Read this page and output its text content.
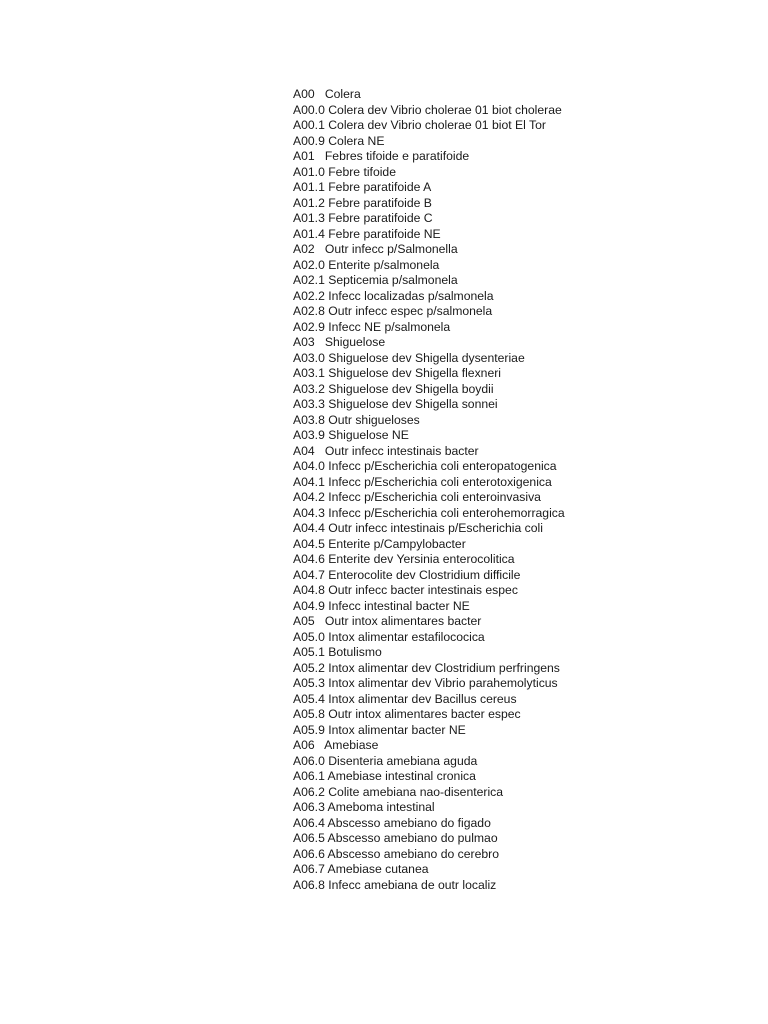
A00   Colera
A00.0 Colera dev Vibrio cholerae 01 biot cholerae
A00.1 Colera dev Vibrio cholerae 01 biot El Tor
A00.9 Colera NE
A01   Febres tifoide e paratifoide
A01.0 Febre tifoide
A01.1 Febre paratifoide A
A01.2 Febre paratifoide B
A01.3 Febre paratifoide C
A01.4 Febre paratifoide NE
A02   Outr infecc p/Salmonella
A02.0 Enterite p/salmonela
A02.1 Septicemia p/salmonela
A02.2 Infecc localizadas p/salmonela
A02.8 Outr infecc espec p/salmonela
A02.9 Infecc NE p/salmonela
A03   Shiguelose
A03.0 Shiguelose dev Shigella dysenteriae
A03.1 Shiguelose dev Shigella flexneri
A03.2 Shiguelose dev Shigella boydii
A03.3 Shiguelose dev Shigella sonnei
A03.8 Outr shigueloses
A03.9 Shiguelose NE
A04   Outr infecc intestinais bacter
A04.0 Infecc p/Escherichia coli enteropatogenica
A04.1 Infecc p/Escherichia coli enterotoxigenica
A04.2 Infecc p/Escherichia coli enteroinvasiva
A04.3 Infecc p/Escherichia coli enterohemorragica
A04.4 Outr infecc intestinais p/Escherichia coli
A04.5 Enterite p/Campylobacter
A04.6 Enterite dev Yersinia enterocolitica
A04.7 Enterocolite dev Clostridium difficile
A04.8 Outr infecc bacter intestinais espec
A04.9 Infecc intestinal bacter NE
A05   Outr intox alimentares bacter
A05.0 Intox alimentar estafilococica
A05.1 Botulismo
A05.2 Intox alimentar dev Clostridium perfringens
A05.3 Intox alimentar dev Vibrio parahemolyticus
A05.4 Intox alimentar dev Bacillus cereus
A05.8 Outr intox alimentares bacter espec
A05.9 Intox alimentar bacter NE
A06   Amebiase
A06.0 Disenteria amebiana aguda
A06.1 Amebiase intestinal cronica
A06.2 Colite amebiana nao-disenterica
A06.3 Ameboma intestinal
A06.4 Abscesso amebiano do figado
A06.5 Abscesso amebiano do pulmao
A06.6 Abscesso amebiano do cerebro
A06.7 Amebiase cutanea
A06.8 Infecc amebiana de outr localiz
